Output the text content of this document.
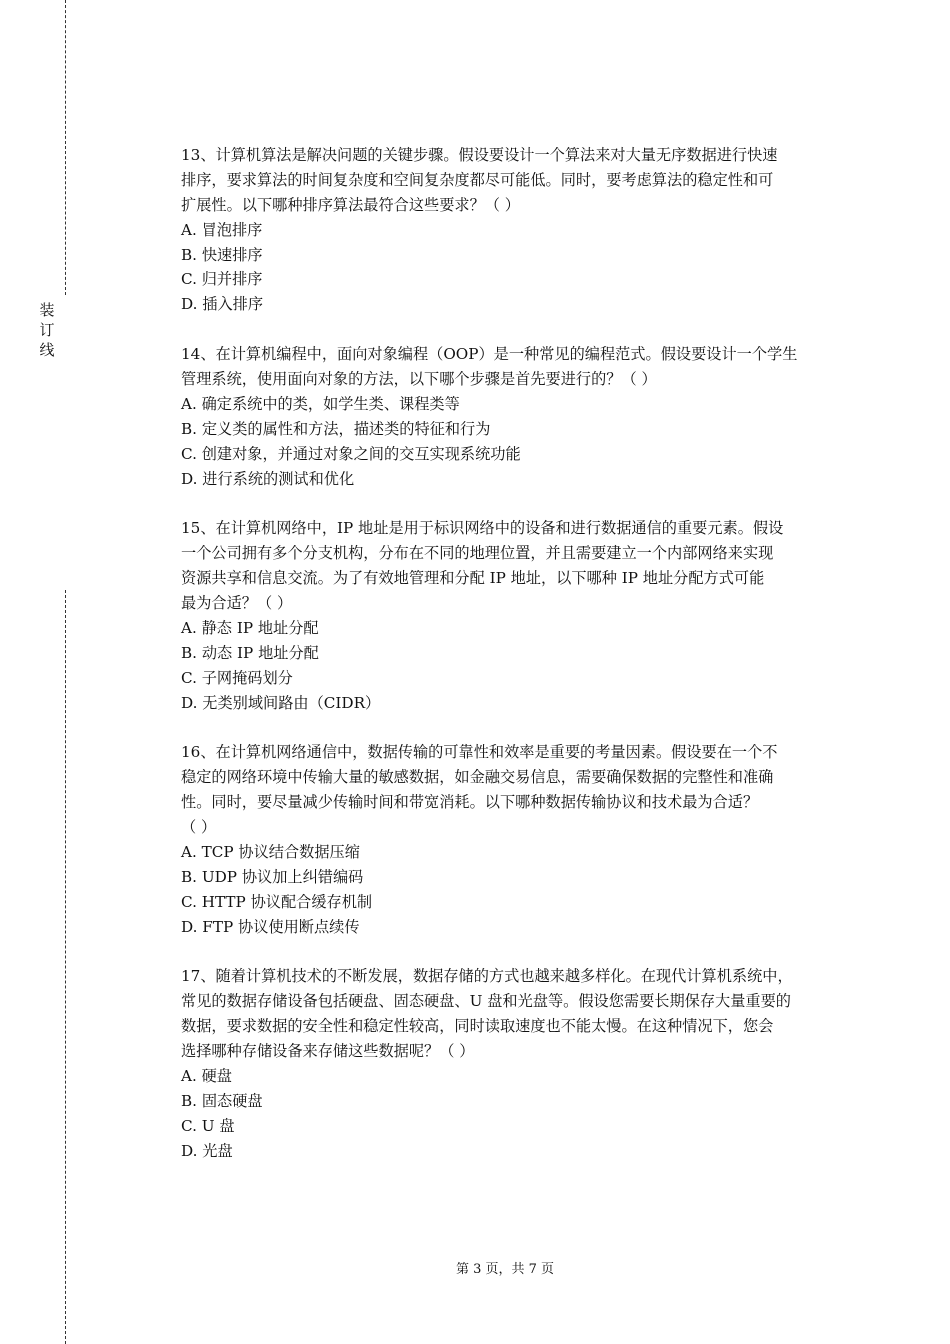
装订线
13、计算机算法是解决问题的关键步骤。假设要设计一个算法来对大量无序数据进行快速
排序，要求算法的时间复杂度和空间复杂度都尽可能低。同时，要考虑算法的稳定性和可
扩展性。以下哪种排序算法最符合这些要求？（ ）
A. 冒泡排序
B. 快速排序
C. 归并排序
D. 插入排序
14、在计算机编程中，面向对象编程（OOP）是一种常见的编程范式。假设要设计一个学生
管理系统，使用面向对象的方法，以下哪个步骤是首先要进行的？（ ）
A. 确定系统中的类，如学生类、课程类等
B. 定义类的属性和方法，描述类的特征和行为
C. 创建对象，并通过对象之间的交互实现系统功能
D. 进行系统的测试和优化
15、在计算机网络中，IP 地址是用于标识网络中的设备和进行数据通信的重要元素。假设
一个公司拥有多个分支机构，分布在不同的地理位置，并且需要建立一个内部网络来实现
资源共享和信息交流。为了有效地管理和分配 IP 地址，以下哪种 IP 地址分配方式可能
最为合适？（ ）
A. 静态 IP 地址分配
B. 动态 IP 地址分配
C. 子网掩码划分
D. 无类别域间路由（CIDR）
16、在计算机网络通信中，数据传输的可靠性和效率是重要的考量因素。假设要在一个不
稳定的网络环境中传输大量的敏感数据，如金融交易信息，需要确保数据的完整性和准确
性。同时，要尽量减少传输时间和带宽消耗。以下哪种数据传输协议和技术最为合适？
（ ）
A. TCP 协议结合数据压缩
B. UDP 协议加上纠错编码
C. HTTP 协议配合缓存机制
D. FTP 协议使用断点续传
17、随着计算机技术的不断发展，数据存储的方式也越来越多样化。在现代计算机系统中，
常见的数据存储设备包括硬盘、固态硬盘、U 盘和光盘等。假设您需要长期保存大量重要的
数据，要求数据的安全性和稳定性较高，同时读取速度也不能太慢。在这种情况下，您会
选择哪种存储设备来存储这些数据呢？（ ）
A. 硬盘
B. 固态硬盘
C. U 盘
D. 光盘
第 3 页，共 7 页
